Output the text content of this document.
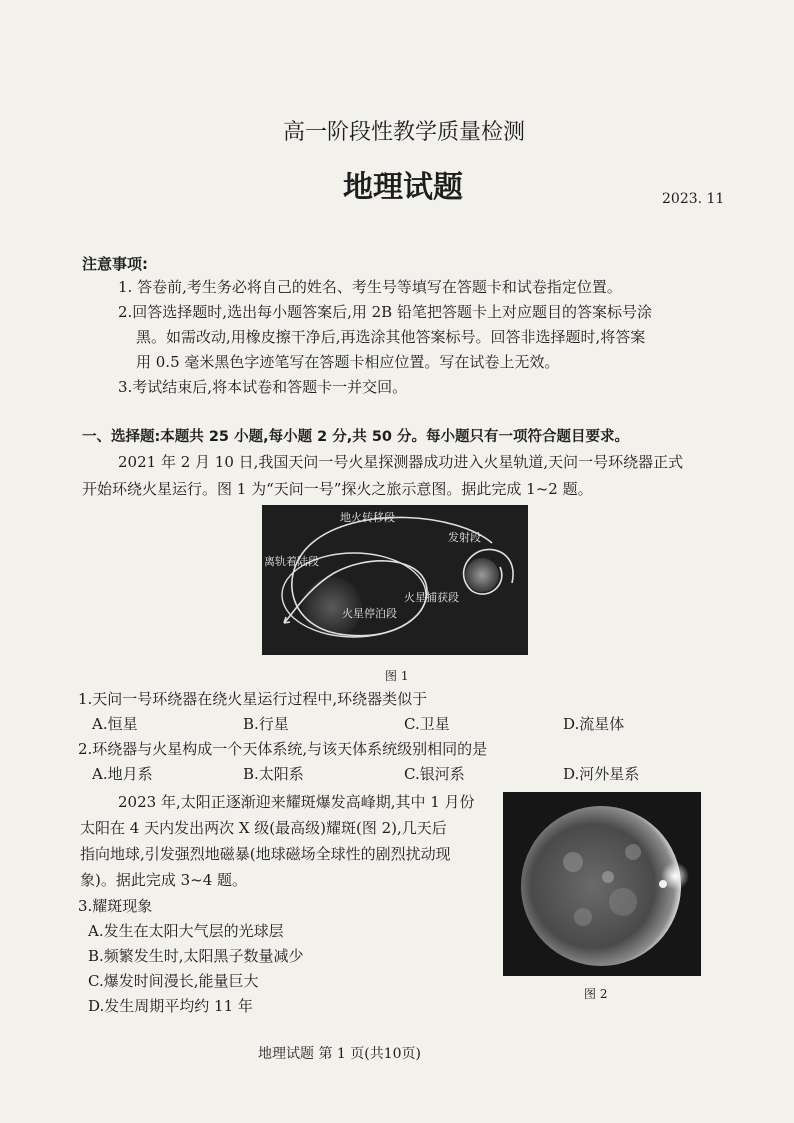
高一阶段性教学质量检测
地理试题	2023. 11
注意事项:
1. 答卷前,考生务必将自己的姓名、考生号等填写在答题卡和试卷指定位置。
2.回答选择题时,选出每小题答案后,用 2B 铅笔把答题卡上对应题目的答案标号涂
黑。如需改动,用橡皮擦干净后,再选涂其他答案标号。回答非选择题时,将答案
用 0.5 毫米黑色字迹笔写在答题卡相应位置。写在试卷上无效。
3.考试结束后,将本试卷和答题卡一并交回。
一、选择题:本题共 25 小题,每小题 2 分,共 50 分。每小题只有一项符合题目要求。
2021 年 2 月 10 日,我国天问一号火星探测器成功进入火星轨道,天问一号环绕器正式
开始环绕火星运行。图 1 为“天问一号”探火之旅示意图。据此完成 1~2 题。
地火转移段
发射段
离轨着陆段
火星捕获段
火星停泊段
图 1
1.天问一号环绕器在绕火星运行过程中,环绕器类似于
A.恒星	B.行星	C.卫星	D.流星体
2.环绕器与火星构成一个天体系统,与该天体系统级别相同的是
A.地月系	B.太阳系	C.银河系	D.河外星系
2023 年,太阳正逐渐迎来耀斑爆发高峰期,其中 1 月份
太阳在 4 天内发出两次 X 级(最高级)耀斑(图 2),几天后
指向地球,引发强烈地磁暴(地球磁场全球性的剧烈扰动现
象)。据此完成 3~4 题。
3.耀斑现象
A.发生在太阳大气层的光球层
B.频繁发生时,太阳黑子数量减少
C.爆发时间漫长,能量巨大
D.发生周期平均约 11 年
图 2
地理试题 第 1 页(共10页)
